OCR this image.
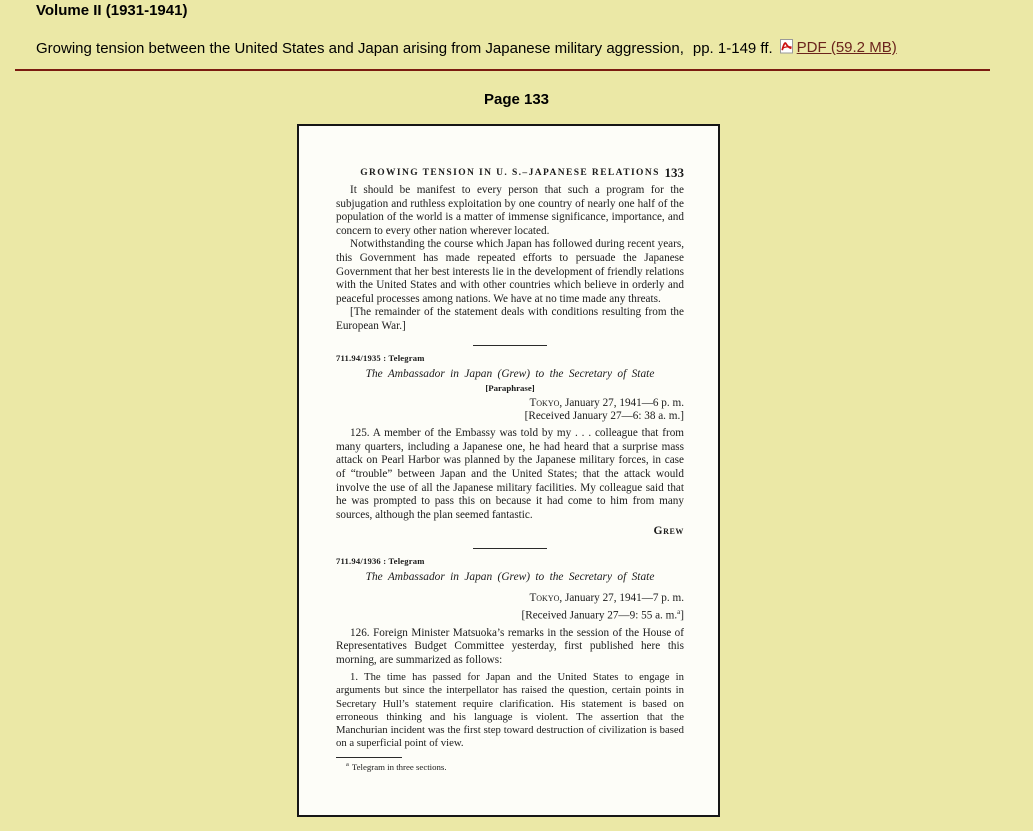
Volume II (1931-1941)
Growing tension between the United States and Japan arising from Japanese military aggression, pp. 1-149 ff. PDF (59.2 MB)
Page 133
GROWING TENSION IN U. S.–JAPANESE RELATIONS 133

It should be manifest to every person that such a program for the subjugation and ruthless exploitation by one country of nearly one half of the population of the world is a matter of immense significance, importance, and concern to every other nation wherever located.

Notwithstanding the course which Japan has followed during recent years, this Government has made repeated efforts to persuade the Japanese Government that her best interests lie in the development of friendly relations with the United States and with other countries which believe in orderly and peaceful processes among nations. We have at no time made any threats.

[The remainder of the statement deals with conditions resulting from the European War.]

711.94/1935 : Telegram
The Ambassador in Japan (Grew) to the Secretary of State
[Paraphrase]
Tokyo, January 27, 1941—6 p. m.
[Received January 27—6: 38 a. m.]

125. A member of the Embassy was told by my . . . colleague that from many quarters, including a Japanese one, he had heard that a surprise mass attack on Pearl Harbor was planned by the Japanese military forces, in case of “trouble” between Japan and the United States; that the attack would involve the use of all the Japanese military facilities. My colleague said that he was prompted to pass this on because it had come to him from many sources, although the plan seemed fantastic.

Grew
711.94/1936 : Telegram
The Ambassador in Japan (Grew) to the Secretary of State
Tokyo, January 27, 1941—7 p. m.
[Received January 27—9: 55 a. m.$^a$]

126. Foreign Minister Matsuoka’s remarks in the session of the House of Representatives Budget Committee yesterday, first published here this morning, are summarized as follows:

1. The time has passed for Japan and the United States to engage in arguments but since the interpellator has raised the question, certain points in Secretary Hull’s statement require clarification. His statement is based on erroneous thinking and his language is violent. The assertion that the Manchurian incident was the first step toward destruction of civilization is based on a superficial point of view.

$^a$ Telegram in three sections.
